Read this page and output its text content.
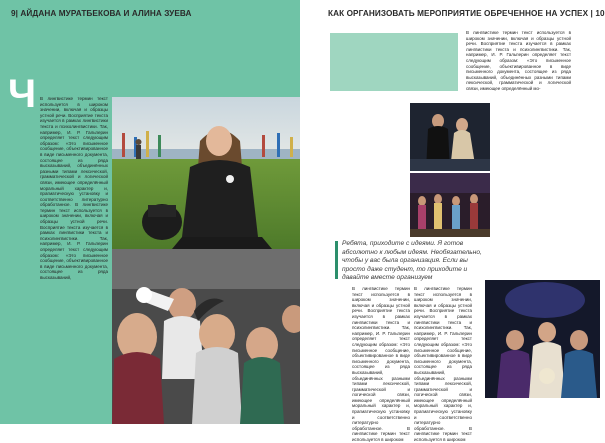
9| АЙДАНА МУРАТБЕКОВА И АЛИНА ЗУЕВА
Ч В лингвистике термин текст используется в широком значении, включая и образцы устной речи. Восприятие текста изучается в рамках лингвистики текста и психолингвистики. Так, например, И. Р. Гальперин определяет текст следующим образом: «Это письменное сообщение, объективированное в виде письменного документа, состоящее из ряда высказываний, объединённых разными типами лексической, грамматической и логической связи, имеющее определённый моральный характер и, прагматическую установку и соответственно литературно обработанное. В лингвистике термин текст используется в широком значении, включая и образцы устной речи. Восприятие текста изучается в рамках лингвистики текста и психолингвистики. Так, например, И. Р. Гальперин определяет текст следующим образом: «Это письменное сообщение, объективированное в виде письменного документа, состоящее из ряда высказываний,

КАК ОРГАНИЗОВАТЬ МЕРОПРИЯТИЕ ОБРЕЧЕННОЕ НА УСПЕХ | 10

В лингвистике термин текст используется в широком значении, включая и образцы устной речи. Восприятие текста изучается в рамках лингвистики текста и психолингвистики. Так, например, И. Р. Гальперин определяет текст следующим образом: «Это письменное сообщение, объективированное в виде письменного документа, состоящее из ряда высказываний, объединённых разными типами лексической, грамматической и логической связи, имеющее определённый мо-

Ребята, приходите с идеями. Я готов абсолютно к любым идеям. Необязательно, чтобы у вас была организация. Если вы просто даже студент, то приходите и давайте вместе организуем

В лингвистике термин текст используется в широком значении, включая и образцы устной речи. Восприятие текста изучается в рамках лингвистики текста и психолингвистики. Так, например, И. Р. Гальперин определяет текст следующим образом: «Это письменное сообщение, объективированное в виде письменного документа, состоящее из ряда высказываний, объединённых разными типами лексической, грамматической и логической связи, имеющее определённый моральный характер и, прагматическую установку и соответственно литературно обработанное. В лингвистике термин текст используется в широком

В лингвистике термин текст используется в широком значении, включая и образцы устной речи. Восприятие текста изучается в рамках лингвистики текста и психолингвистики. Так, например, И. Р. Гальперин определяет текст следующим образом: «Это письменное сообщение, объективированное в виде письменного документа, состоящее из ряда высказываний, объединённых разными типами лексической, грамматической и логической связи, имеющее определённый моральный характер и, прагматическую установку и соответственно литературно обработанное. В лингвистике термин текст используется в широком
